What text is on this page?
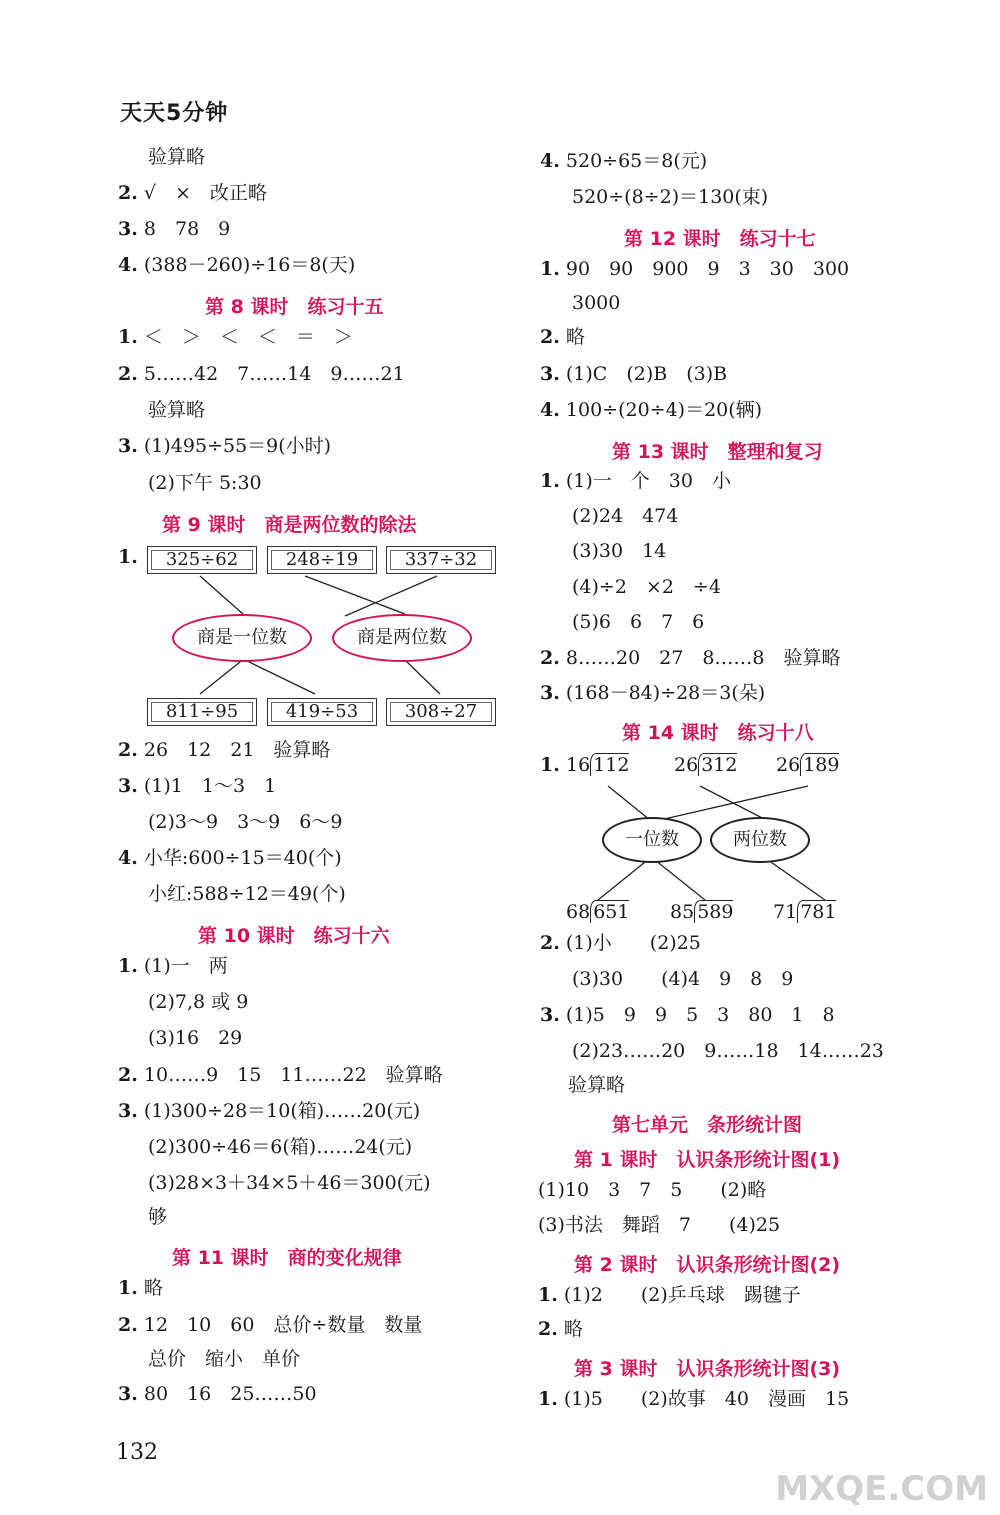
天天5分钟
验算略
2. √　×　改正略
3. 8　78　9
4. (388－260)÷16＝8(天)
第 8 课时　练习十五
1. ＜　＞　＜　＜　＝　＞
2. 5……42　7……14　9……21
验算略
3. (1)495÷55＝9(小时)
(2)下午 5:30
第 9 课时　商是两位数的除法
1.	325÷62	248÷19	337÷32
商是一位数	商是两位数
811÷95	419÷53	308÷27
2. 26　12　21　验算略
3. (1)1　1～3　1
(2)3～9　3～9　6～9
4. 小华:600÷15＝40(个)
小红:588÷12＝49(个)
第 10 课时　练习十六
1. (1)一　两
(2)7,8 或 9
(3)16　29
2. 10……9　15　11……22　验算略
3. (1)300÷28＝10(箱)……20(元)
(2)300÷46＝6(箱)……24(元)
(3)28×3＋34×5＋46＝300(元)
够
第 11 课时　商的变化规律
1. 略
2. 12　10　60　总价÷数量　数量
总价　缩小　单价
3. 80　16　25……50
4. 520÷65＝8(元)
520÷(8÷2)＝130(束)
第 12 课时　练习十七
1. 90　90　900　9　3　30　300
3000
2. 略
3. (1)C　(2)B　(3)B
4. 100÷(20÷4)＝20(辆)
第 13 课时　整理和复习
1. (1)一　个　30　小
(2)24　474
(3)30　14
(4)÷2　×2　÷4
(5)6　6　7　6
2. 8……20　27　8……8　验算略
3. (168－84)÷28＝3(朵)
第 14 课时　练习十八
1. 16 112 26 312 26 189
一位数	两位数
68 651 85 589 71 781
2. (1)小　　(2)25
(3)30　　(4)4　9　8　9
3. (1)5　9　9　5　3　80　1　8
(2)23……20　9……18　14……23
验算略
第七单元　条形统计图
第 1 课时　认识条形统计图(1)
(1)10　3　7　5　　(2)略
(3)书法　舞蹈　7　　(4)25
第 2 课时　认识条形统计图(2)
1. (1)2　　(2)乒乓球　踢毽子
2. 略
第 3 课时　认识条形统计图(3)
1. (1)5　　(2)故事　40　漫画　15
132
MXQE.COM
